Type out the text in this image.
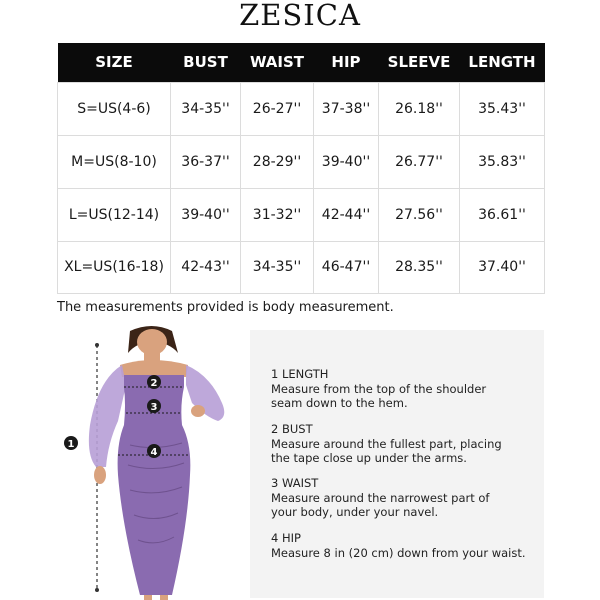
ZESICA
SIZE	BUST	WAIST	HIP	SLEEVE	LENGTH
S=US(4-6)	34-35''	26-27''	37-38''	26.18''	35.43''
M=US(8-10)	36-37''	28-29''	39-40''	26.77''	35.83''
L=US(12-14)	39-40''	31-32''	42-44''	27.56''	36.61''
XL=US(16-18)	42-43''	34-35''	46-47''	28.35''	37.40''
The measurements provided is body measurement.
1
2
3
4
1 LENGTH
Measure from the top of the shoulder
seam down to the hem.
2 BUST
Measure around the fullest part, placing
the tape close up under the arms.
3 WAIST
Measure around the narrowest part of
your body, under your navel.
4 HIP
Measure 8 in (20 cm) down from your waist.
